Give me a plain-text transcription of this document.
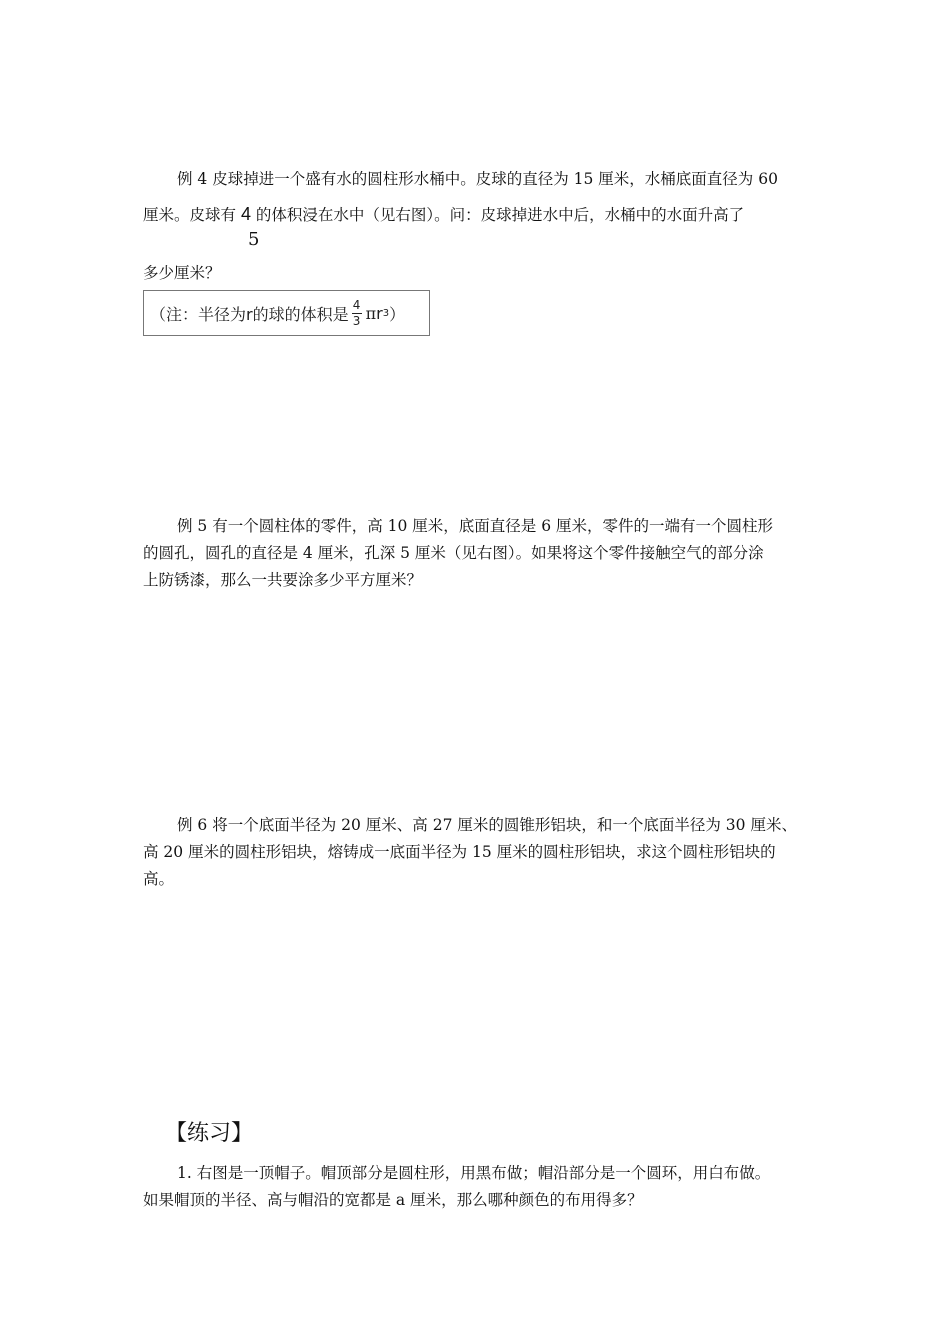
例 4 皮球掉进一个盛有水的圆柱形水桶中。皮球的直径为 15 厘米，水桶底面直径为 60
厘米。皮球有 4 的体积浸在水中（见右图）。问：皮球掉进水中后，水桶中的水面升高了
5
多少厘米？
（注：半径为r的球的体积是 $\frac{4}{3}$ π r 3 ）
例 5 有一个圆柱体的零件，高 10 厘米，底面直径是 6 厘米，零件的一端有一个圆柱形
的圆孔，圆孔的直径是 4 厘米，孔深 5 厘米（见右图）。如果将这个零件接触空气的部分涂
上防锈漆，那么一共要涂多少平方厘米？
例 6 将一个底面半径为 20 厘米、高 27 厘米的圆锥形铝块，和一个底面半径为 30 厘米、
高 20 厘米的圆柱形铝块，熔铸成一底面半径为 15 厘米的圆柱形铝块，求这个圆柱形铝块的
高。
【练习】
1. 右图是一顶帽子。帽顶部分是圆柱形，用黑布做；帽沿部分是一个圆环，用白布做。
如果帽顶的半径、高与帽沿的宽都是 a 厘米，那么哪种颜色的布用得多？
